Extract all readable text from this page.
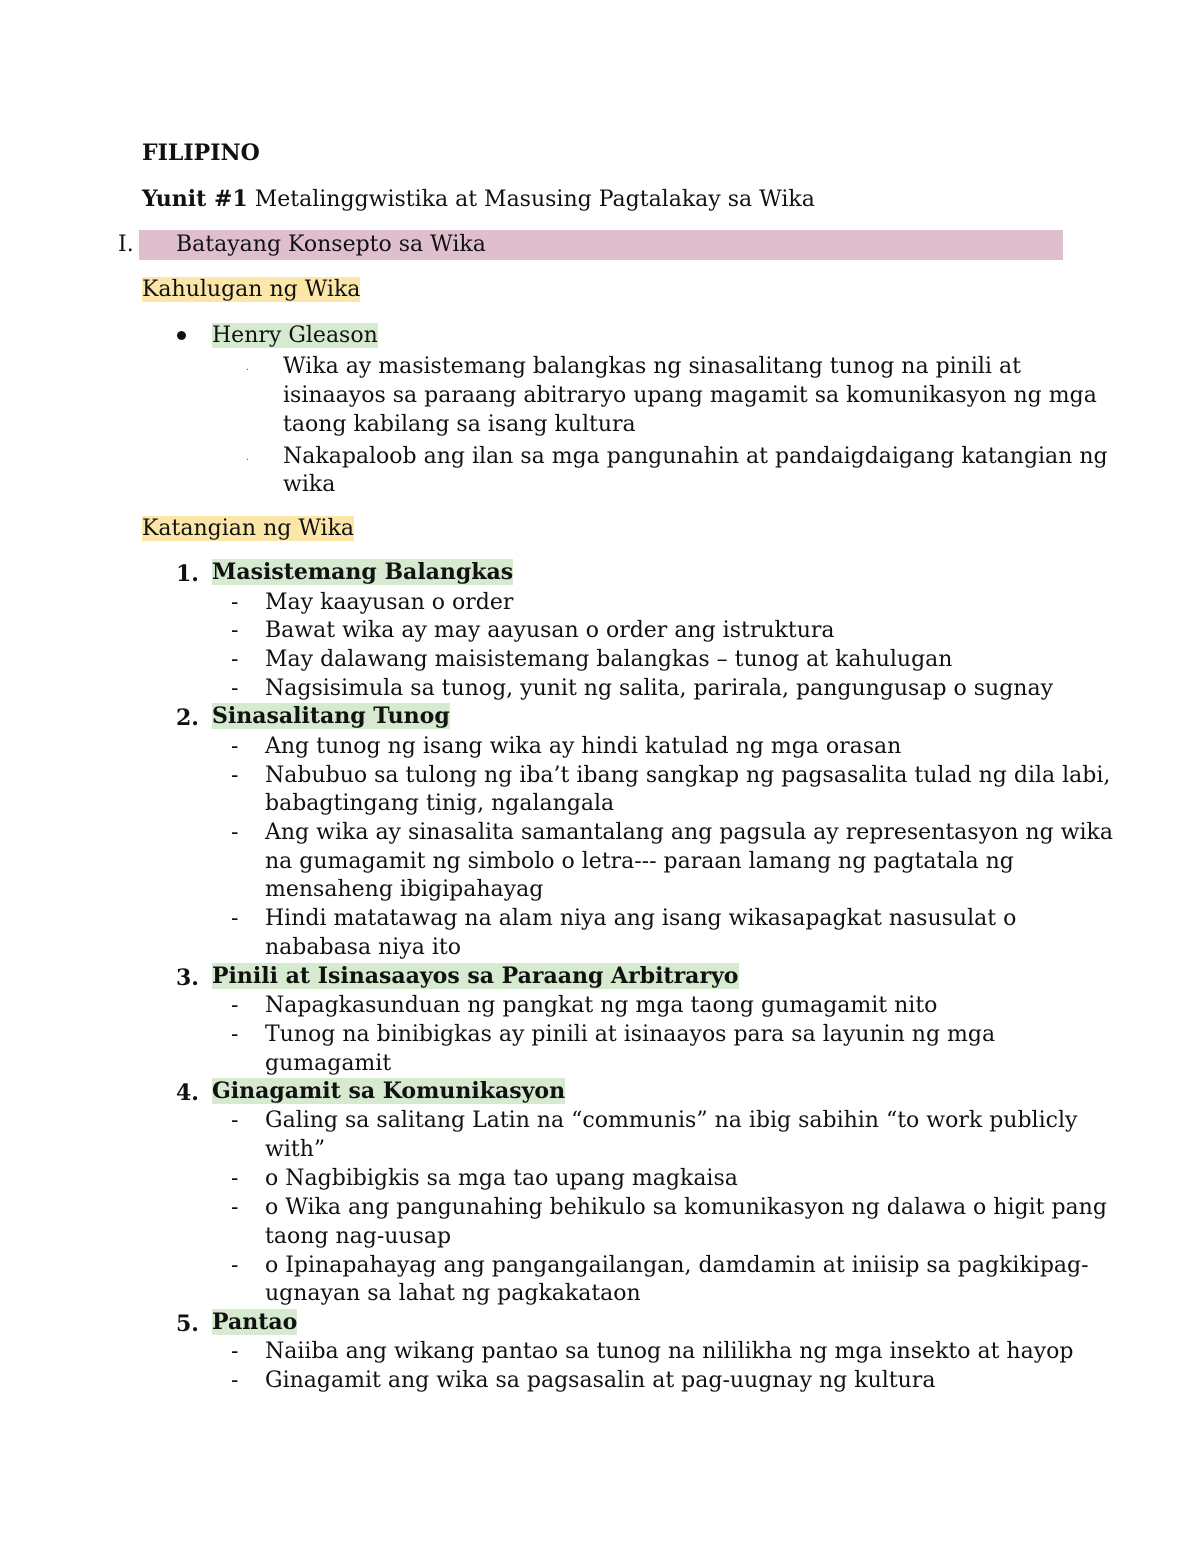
FILIPINO
Yunit #1 Metalinggwistika at Masusing Pagtalakay sa Wika
I. Batayang Konsepto sa Wika
Kahulugan ng Wika
Henry Gleason
· Wika ay masistemang balangkas ng sinasalitang tunog na pinili at
isinaayos sa paraang abitraryo upang magamit sa komunikasyon ng mga
taong kabilang sa isang kultura
· Nakapaloob ang ilan sa mga pangunahin at pandaigdaigang katangian ng
wika
Katangian ng Wika
1. Masistemang Balangkas
- May kaayusan o order
- Bawat wika ay may aayusan o order ang istruktura
- May dalawang maisistemang balangkas – tunog at kahulugan
- Nagsisimula sa tunog, yunit ng salita, parirala, pangungusap o sugnay
2. Sinasalitang Tunog
- Ang tunog ng isang wika ay hindi katulad ng mga orasan
- Nabubuo sa tulong ng iba’t ibang sangkap ng pagsasalita tulad ng dila labi,
babagtingang tinig, ngalangala
- Ang wika ay sinasalita samantalang ang pagsula ay representasyon ng wika
na gumagamit ng simbolo o letra--- paraan lamang ng pagtatala ng
mensaheng ibigipahayag
- Hindi matatawag na alam niya ang isang wikasapagkat nasusulat o
nababasa niya ito
3. Pinili at Isinasaayos sa Paraang Arbitraryo
- Napagkasunduan ng pangkat ng mga taong gumagamit nito
- Tunog na binibigkas ay pinili at isinaayos para sa layunin ng mga
gumagamit
4. Ginagamit sa Komunikasyon
- Galing sa salitang Latin na “communis” na ibig sabihin “to work publicly
with”
- o Nagbibigkis sa mga tao upang magkaisa
- o Wika ang pangunahing behikulo sa komunikasyon ng dalawa o higit pang
taong nag-uusap
- o Ipinapahayag ang pangangailangan, damdamin at iniisip sa pagkikipag-
ugnayan sa lahat ng pagkakataon
5. Pantao
- Naiiba ang wikang pantao sa tunog na nililikha ng mga insekto at hayop
- Ginagamit ang wika sa pagsasalin at pag-uugnay ng kultura
